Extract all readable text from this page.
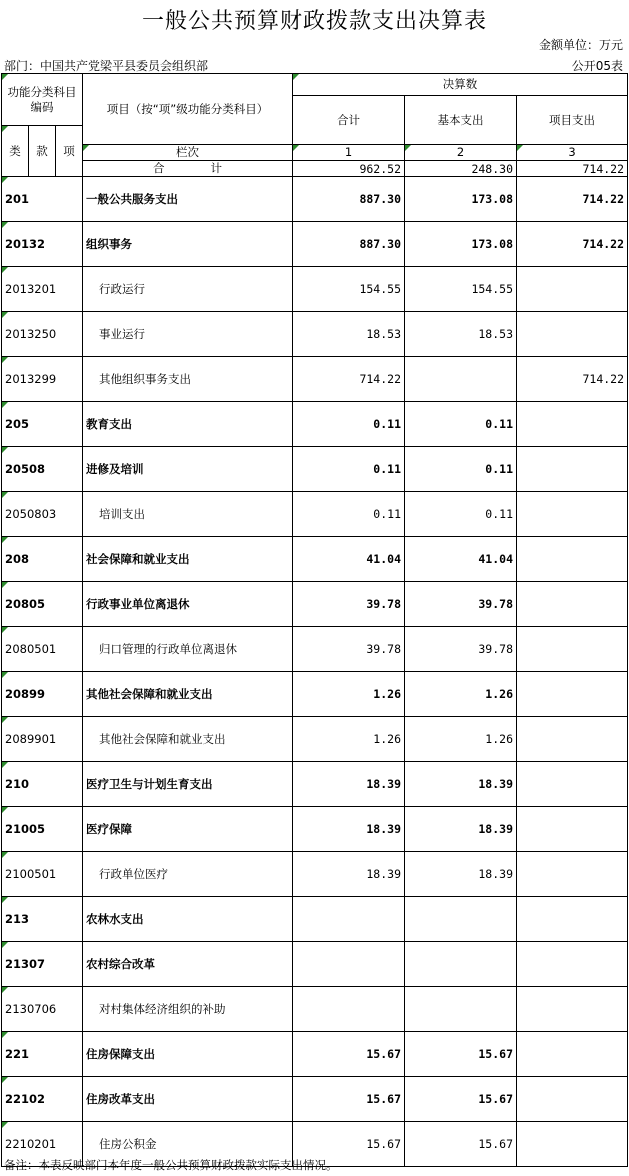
一般公共预算财政拨款支出决算表
金额单位：万元
部门：中国共产党梁平县委员会组织部	公开05表
功能分类科目编码			项目（按“项”级功能分类科目）	决算数		
				合计	基本支出	项目支出
类	款	项				
			栏次	1	2	3
			合　　　　计	962.52	248.30	714.22
201			一般公共服务支出	887.30	173.08	714.22
20132			组织事务	887.30	173.08	714.22
2013201			行政运行	154.55	154.55	
2013250			事业运行	18.53	18.53	
2013299			其他组织事务支出	714.22		714.22
205			教育支出	0.11	0.11	
20508			进修及培训	0.11	0.11	
2050803			培训支出	0.11	0.11	
208			社会保障和就业支出	41.04	41.04	
20805			行政事业单位离退休	39.78	39.78	
2080501			归口管理的行政单位离退休	39.78	39.78	
20899			其他社会保障和就业支出	1.26	1.26	
2089901			其他社会保障和就业支出	1.26	1.26	
210			医疗卫生与计划生育支出	18.39	18.39	
21005			医疗保障	18.39	18.39	
2100501			行政单位医疗	18.39	18.39	
213			农林水支出			
21307			农村综合改革			
2130706			对村集体经济组织的补助			
221			住房保障支出	15.67	15.67	
22102			住房改革支出	15.67	15.67	
2210201			住房公积金	15.67	15.67	
备注：本表反映部门本年度一般公共预算财政拨款实际支出情况。
